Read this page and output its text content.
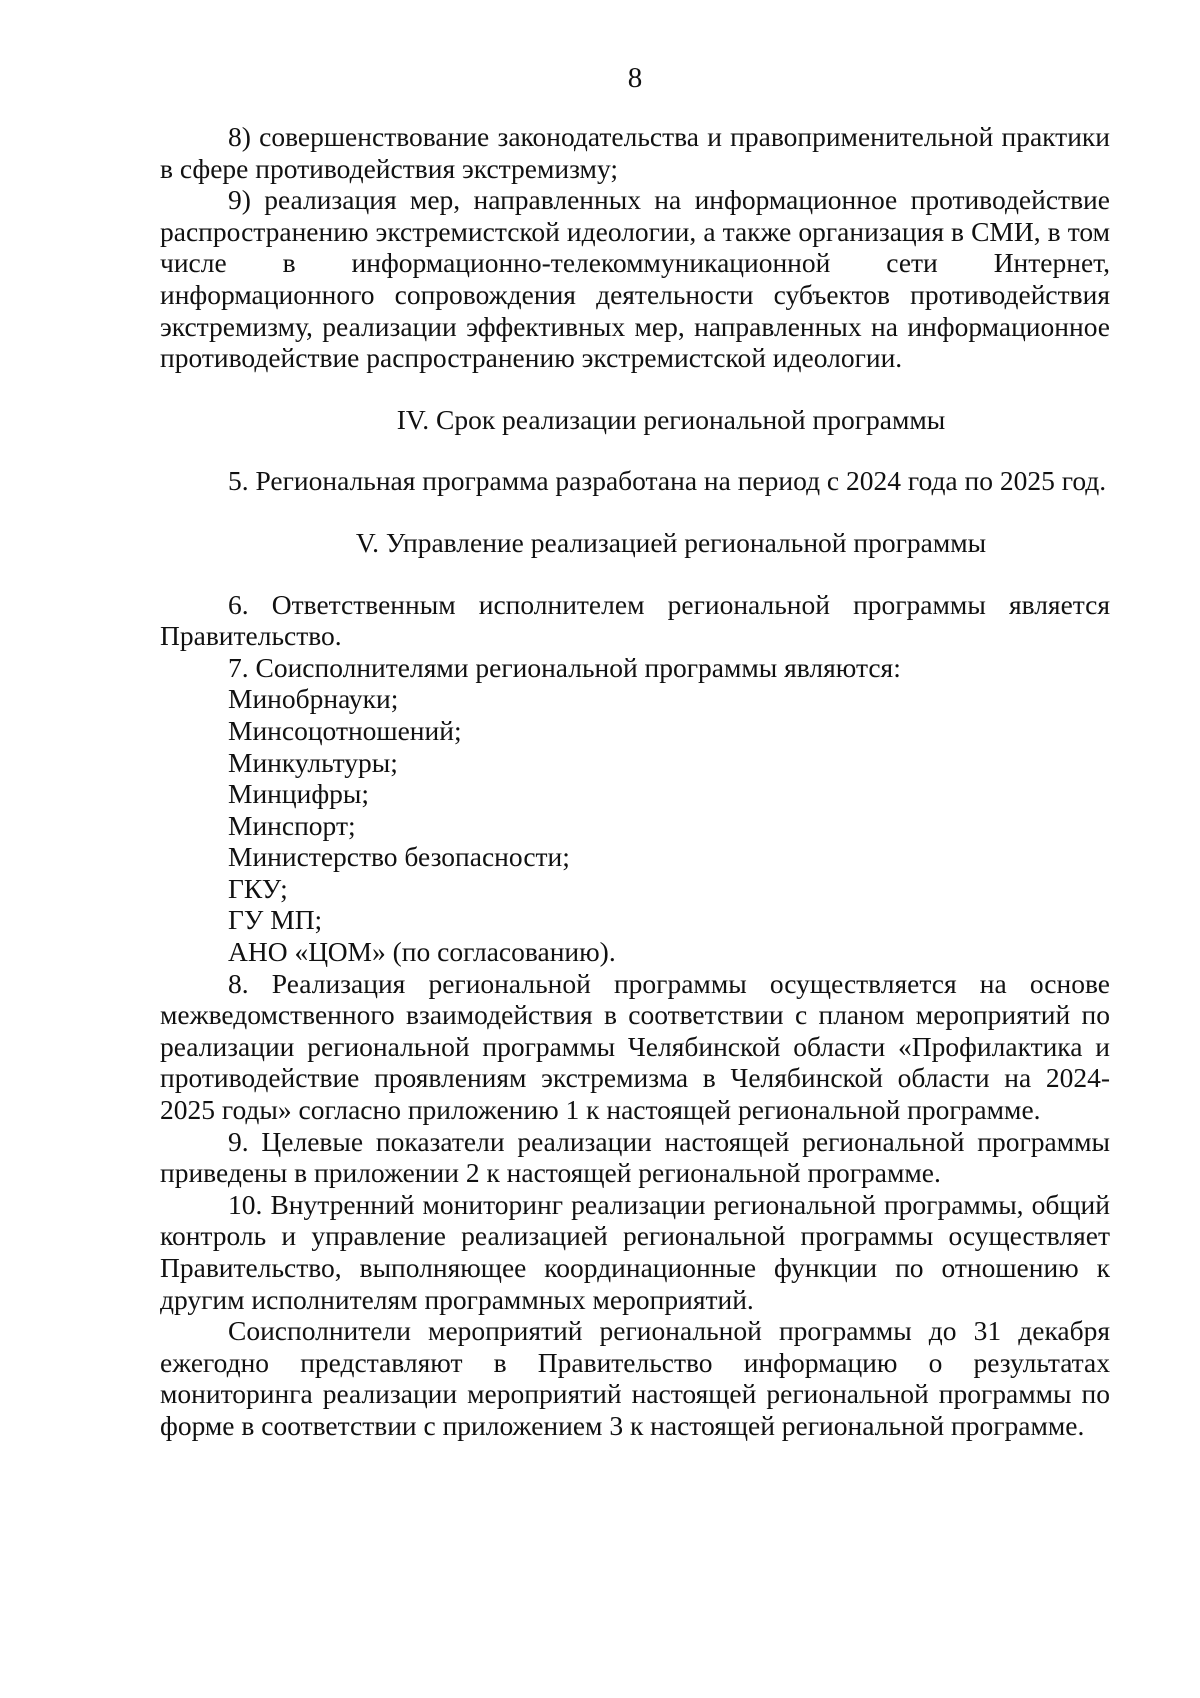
8

8) совершенствование законодательства и правоприменительной практики в сфере противодействия экстремизму;

9) реализация мер, направленных на информационное противодействие распространению экстремистской идеологии, а также организация в СМИ, в том числе в информационно-телекоммуникационной сети Интернет, информационного сопровождения деятельности субъектов противодействия экстремизму, реализации эффективных мер, направленных на информационное противодействие распространению экстремистской идеологии.

IV. Срок реализации региональной программы

5. Региональная программа разработана на период с 2024 года по 2025 год.

V. Управление реализацией региональной программы

6. Ответственным исполнителем региональной программы является Правительство.

7. Соисполнителями региональной программы являются:

Минобрнауки;
Минсоцотношений;
Минкультуры;
Минцифры;
Минспорт;
Министерство безопасности;
ГКУ;
ГУ МП;
АНО «ЦОМ» (по согласованию).

8. Реализация региональной программы осуществляется на основе межведомственного взаимодействия в соответствии с планом мероприятий по реализации региональной программы Челябинской области «Профилактика и противодействие проявлениям экстремизма в Челябинской области на 2024-2025 годы» согласно приложению 1 к настоящей региональной программе.

9. Целевые показатели реализации настоящей региональной программы приведены в приложении 2 к настоящей региональной программе.

10. Внутренний мониторинг реализации региональной программы, общий контроль и управление реализацией региональной программы осуществляет Правительство, выполняющее координационные функции по отношению к другим исполнителям программных мероприятий.

Соисполнители мероприятий региональной программы до 31 декабря ежегодно представляют в Правительство информацию о результатах мониторинга реализации мероприятий настоящей региональной программы по форме в соответствии с приложением 3 к настоящей региональной программе.
